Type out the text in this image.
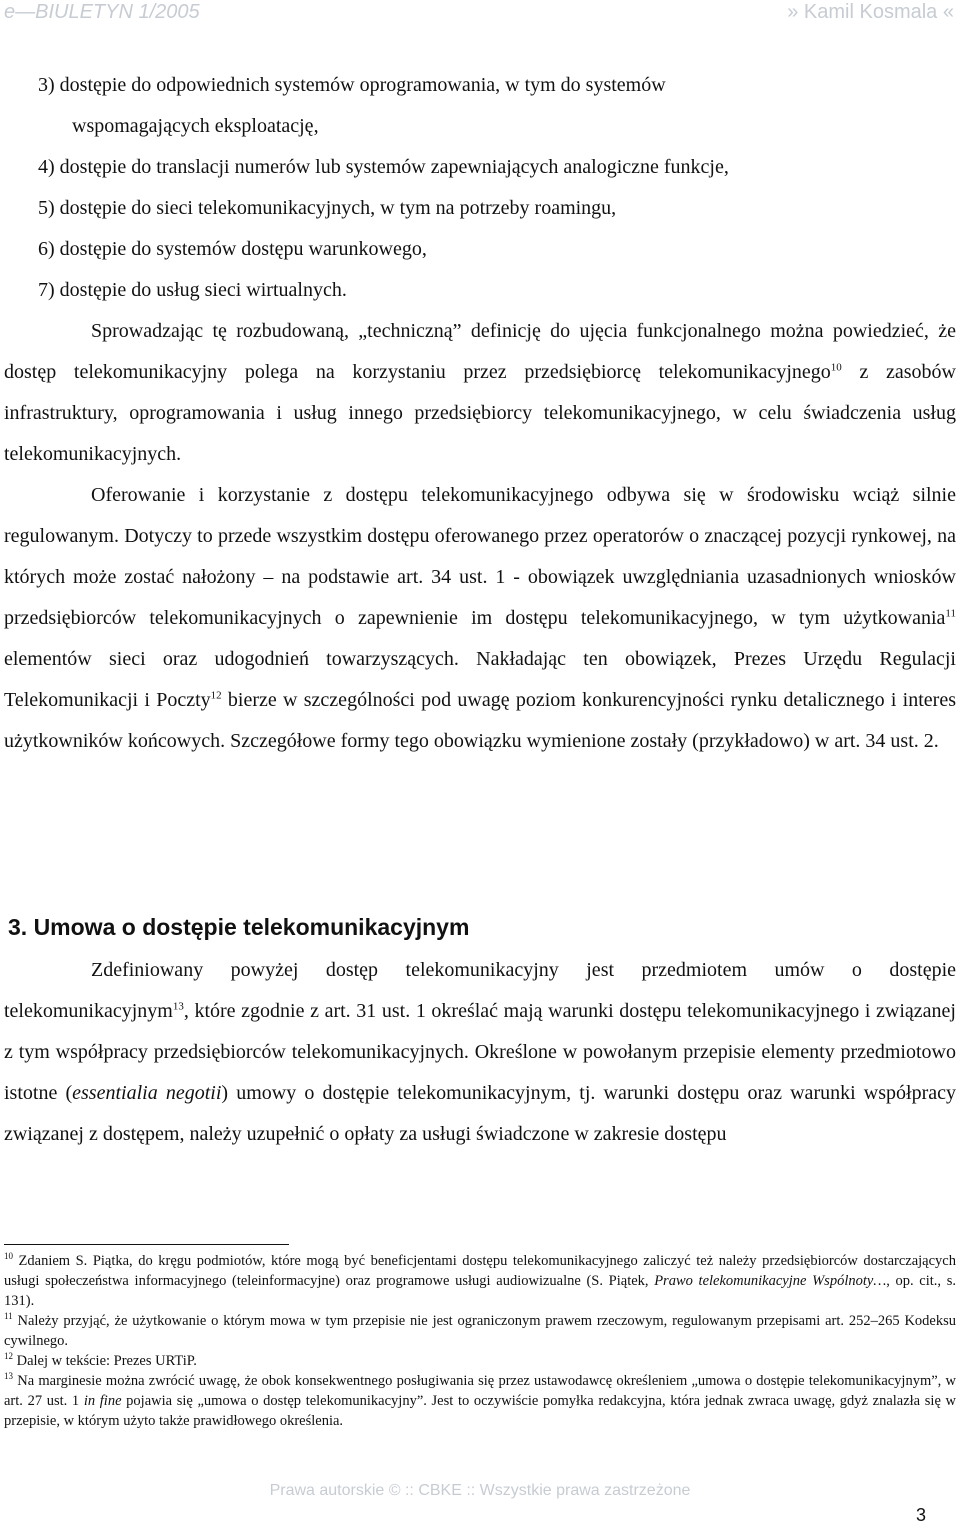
e—BIULETYN 1/2005	» Kamil Kosmala «
3) dostępie do odpowiednich systemów oprogramowania, w tym do systemów
wspomagających eksploatację,
4) dostępie do translacji numerów lub systemów zapewniających analogiczne funkcje,
5) dostępie do sieci telekomunikacyjnych, w tym na potrzeby roamingu,
6) dostępie do systemów dostępu warunkowego,
7) dostępie do usług sieci wirtualnych.

Sprowadzając tę rozbudowaną, „techniczną” definicję do ujęcia funkcjonalnego można powiedzieć, że dostęp telekomunikacyjny polega na korzystaniu przez przedsiębiorcę telekomunikacyjnego$^{10}$ z zasobów infrastruktury, oprogramowania i usług innego przedsiębiorcy telekomunikacyjnego, w celu świadczenia usług telekomunikacyjnych.

Oferowanie i korzystanie z dostępu telekomunikacyjnego odbywa się w środowisku wciąż silnie regulowanym. Dotyczy to przede wszystkim dostępu oferowanego przez operatorów o znaczącej pozycji rynkowej, na których może zostać nałożony – na podstawie art. 34 ust. 1 - obowiązek uwzględniania uzasadnionych wniosków przedsiębiorców telekomunikacyjnych o zapewnienie im dostępu telekomunikacyjnego, w tym użytkowania$^{11}$ elementów sieci oraz udogodnień towarzyszących. Nakładając ten obowiązek, Prezes Urzędu Regulacji Telekomunikacji i Poczty$^{12}$ bierze w szczególności pod uwagę poziom konkurencyjności rynku detalicznego i interes użytkowników końcowych. Szczegółowe formy tego obowiązku wymienione zostały (przykładowo) w art. 34 ust. 2.

3. Umowa o dostępie telekomunikacyjnym

Zdefiniowany powyżej dostęp telekomunikacyjny jest przedmiotem umów o dostępie telekomunikacyjnym$^{13}$, które zgodnie z art. 31 ust. 1 określać mają warunki dostępu telekomunikacyjnego i związanej z tym współpracy przedsiębiorców telekomunikacyjnych. Określone w powołanym przepisie elementy przedmiotowo istotne (essentialia negotii) umowy o dostępie telekomunikacyjnym, tj. warunki dostępu oraz warunki współpracy związanej z dostępem, należy uzupełnić o opłaty za usługi świadczone w zakresie dostępu

$^{10}$ Zdaniem S. Piątka, do kręgu podmiotów, które mogą być beneficjentami dostępu telekomunikacyjnego zaliczyć też należy przedsiębiorców dostarczających usługi społeczeństwa informacyjnego (teleinformacyjne) oraz programowe usługi audiowizualne (S. Piątek, Prawo telekomunikacyjne Wspólnoty…, op. cit., s. 131).

$^{11}$ Należy przyjąć, że użytkowanie o którym mowa w tym przepisie nie jest ograniczonym prawem rzeczowym, regulowanym przepisami art. 252–265 Kodeksu cywilnego.

$^{12}$ Dalej w tekście: Prezes URTiP.

$^{13}$ Na marginesie można zwrócić uwagę, że obok konsekwentnego posługiwania się przez ustawodawcę określeniem „umowa o dostępie telekomunikacyjnym”, w art. 27 ust. 1 in fine pojawia się „umowa o dostęp telekomunikacyjny”. Jest to oczywiście pomyłka redakcyjna, która jednak zwraca uwagę, gdyż znalazła się w przepisie, w którym użyto także prawidłowego określenia.

Prawa autorskie © :: CBKE :: Wszystkie prawa zastrzeżone
3
